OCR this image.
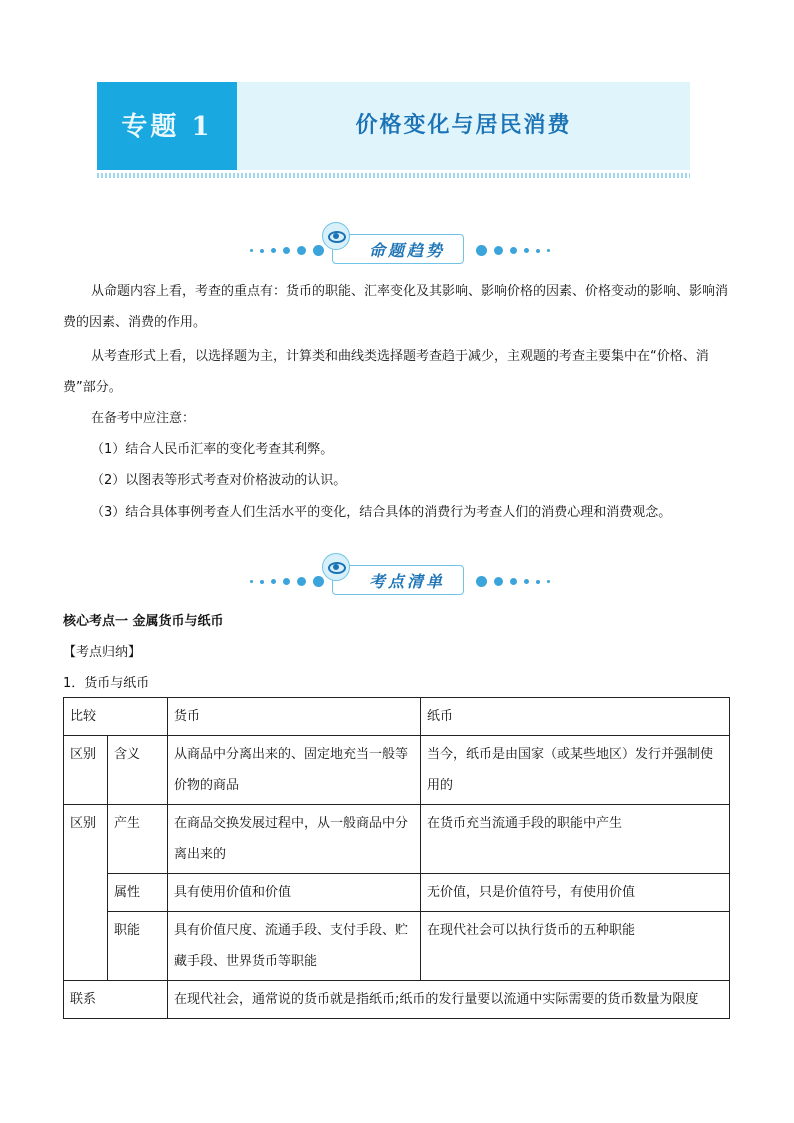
专题 1	价格变化与居民消费
命题趋势
从命题内容上看，考查的重点有：货币的职能、汇率变化及其影响、影响价格的因素、价格变动的影响、影响消费的因素、消费的作用。
从考查形式上看，以选择题为主，计算类和曲线类选择题考查趋于减少，主观题的考查主要集中在“价格、消费”部分。
在备考中应注意：
（1）结合人民币汇率的变化考查其利弊。
（2）以图表等形式考查对价格波动的认识。
（3）结合具体事例考查人们生活水平的变化，结合具体的消费行为考查人们的消费心理和消费观念。
考点清单
核心考点一 金属货币与纸币
【考点归纳】
1．货币与纸币
比较		货币	纸币
区别	含义	从商品中分离出来的、固定地充当一般等价物的商品	当今，纸币是由国家（或某些地区）发行并强制使用的
区别	产生	在商品交换发展过程中，从一般商品中分离出来的	在货币充当流通手段的职能中产生
	属性	具有使用价值和价值	无价值，只是价值符号，有使用价值
	职能	具有价值尺度、流通手段、支付手段、贮藏手段、世界货币等职能	在现代社会可以执行货币的五种职能
联系		在现代社会，通常说的货币就是指纸币;纸币的发行量要以流通中实际需要的货币数量为限度	
